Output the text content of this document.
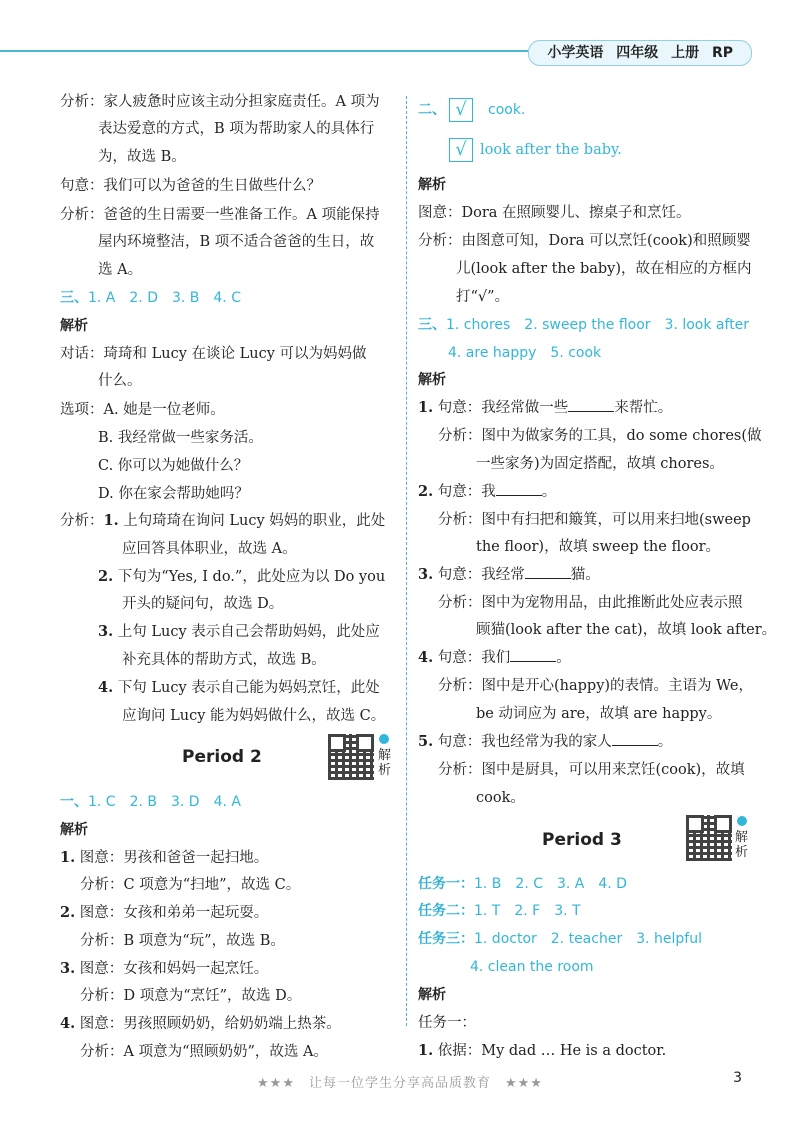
小学英语 四年级 上册 RP
分析：家人疲惫时应该主动分担家庭责任。A 项为
表达爱意的方式，B 项为帮助家人的具体行
为，故选 B。
句意：我们可以为爸爸的生日做些什么？
分析：爸爸的生日需要一些准备工作。A 项能保持
屋内环境整洁，B 项不适合爸爸的生日，故
选 A。
三、1. A　2. D　3. B　4. C
解析
对话：琦琦和 Lucy 在谈论 Lucy 可以为妈妈做
什么。
选项：A. 她是一位老师。
B. 我经常做一些家务活。
C. 你可以为她做什么？
D. 你在家会帮助她吗？
分析：1. 上句琦琦在询问 Lucy 妈妈的职业，此处
应回答具体职业，故选 A。
2. 下句为“Yes, I do.”，此处应为以 Do you
开头的疑问句，故选 D。
3. 上句 Lucy 表示自己会帮助妈妈，此处应
补充具体的帮助方式，故选 B。
4. 下句 Lucy 表示自己能为妈妈烹饪，此处
应询问 Lucy 能为妈妈做什么，故选 C。
Period 2	解析
一、1. C　2. B　3. D　4. A
解析
1. 图意：男孩和爸爸一起扫地。
分析：C 项意为“扫地”，故选 C。
2. 图意：女孩和弟弟一起玩耍。
分析：B 项意为“玩”，故选 B。
3. 图意：女孩和妈妈一起烹饪。
分析：D 项意为“烹饪”，故选 D。
4. 图意：男孩照顾奶奶，给奶奶端上热茶。
分析：A 项意为“照顾奶奶”，故选 A。
√
√
二、	cook.
look after the baby.
解析
图意：Dora 在照顾婴儿、擦桌子和烹饪。
分析：由图意可知，Dora 可以烹饪(cook)和照顾婴
儿(look after the baby)，故在相应的方框内
打“√”。
三、1. chores　2. sweep the floor　3. look after
4. are happy　5. cook
解析
1. 句意：我经常做一些	来帮忙。
分析：图中为做家务的工具，do some chores(做
一些家务)为固定搭配，故填 chores。
2. 句意：我	。
分析：图中有扫把和簸箕，可以用来扫地(sweep
the floor)，故填 sweep the floor。
3. 句意：我经常	猫。
分析：图中为宠物用品，由此推断此处应表示照
顾猫(look after the cat)，故填 look after。
4. 句意：我们	。
分析：图中是开心(happy)的表情。主语为 We，
be 动词应为 are，故填 are happy。
5. 句意：我也经常为我的家人	。
分析：图中是厨具，可以用来烹饪(cook)，故填
cook。
Period 3	解析
任务一：1. B　2. C　3. A　4. D
任务二：1. T　2. F　3. T
任务三：1. doctor　2. teacher　3. helpful
4. clean the room
解析
任务一：
1. 依据：My dad … He is a doctor.
★★★　让每一位学生分享高品质教育　★★★	3
